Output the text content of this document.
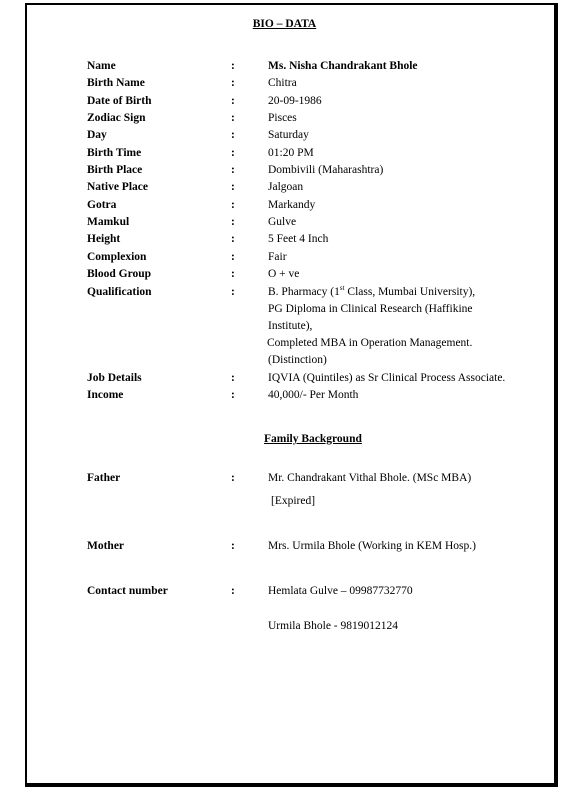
BIO – DATA
Name	:	Ms. Nisha Chandrakant Bhole
Birth Name	:	Chitra
Date of Birth	:	20-09-1986
Zodiac Sign	:	Pisces
Day	:	Saturday
Birth Time	:	01:20 PM
Birth Place	:	Dombivili (Maharashtra)
Native Place	:	Jalgoan
Gotra	:	Markandy
Mamkul	:	Gulve
Height	:	5 Feet 4 Inch
Complexion	:	Fair
Blood Group	:	O + ve
Qualification	:	B. Pharmacy (1st Class, Mumbai University),
PG Diploma in Clinical Research (Haffikine
Institute),
Completed MBA in Operation Management.
(Distinction)
Job Details	:	IQVIA (Quintiles) as Sr Clinical Process Associate.
Income	:	40,000/- Per Month
Family Background
Father	:	Mr. Chandrakant Vithal Bhole. (MSc MBA)
[Expired]
Mother	:	Mrs. Urmila Bhole (Working in KEM Hosp.)
Contact number	:	Hemlata Gulve – 09987732770
Urmila Bhole - 9819012124
